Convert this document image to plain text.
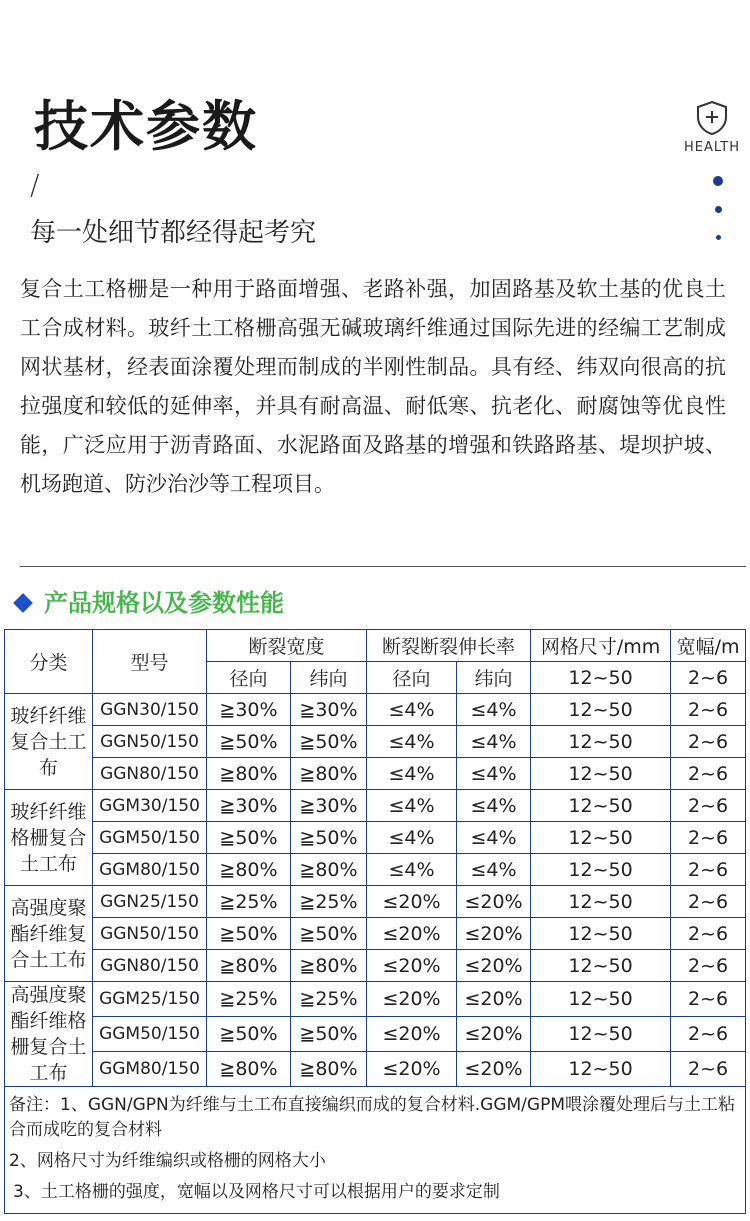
技术参数
/
每一处细节都经得起考究
HEALTH
复合土工格栅是一种用于路面增强、老路补强，加固路基及软土基的优良土工合成材料。玻纤土工格栅高强无碱玻璃纤维通过国际先进的经编工艺制成网状基材，经表面涂覆处理而制成的半刚性制品。具有经、纬双向很高的抗拉强度和较低的延伸率，并具有耐高温、耐低寒、抗老化、耐腐蚀等优良性能，广泛应用于沥青路面、水泥路面及路基的增强和铁路路基、堤坝护坡、机场跑道、防沙治沙等工程项目。
产品规格以及参数性能
分类	型号	断裂宽度		断裂断裂伸长率		网格尺寸/mm	宽幅/m
		径向	纬向	径向	纬向	12~50	2~6
玻纤纤维复合土工布	GGN30/150	≧30%	≧30%	≤4%	≤4%	12~50	2~6
	GGN50/150	≧50%	≧50%	≤4%	≤4%	12~50	2~6
	GGN80/150	≧80%	≧80%	≤4%	≤4%	12~50	2~6
玻纤纤维格栅复合土工布	GGM30/150	≧30%	≧30%	≤4%	≤4%	12~50	2~6
	GGM50/150	≧50%	≧50%	≤4%	≤4%	12~50	2~6
	GGM80/150	≧80%	≧80%	≤4%	≤4%	12~50	2~6
高强度聚酯纤维复合土工布	GGN25/150	≧25%	≧25%	≤20%	≤20%	12~50	2~6
	GGN50/150	≧50%	≧50%	≤20%	≤20%	12~50	2~6
	GGN80/150	≧80%	≧80%	≤20%	≤20%	12~50	2~6
高强度聚酯纤维格栅复合土工布	GGM25/150	≧25%	≧25%	≤20%	≤20%	12~50	2~6
	GGM50/150	≧50%	≧50%	≤20%	≤20%	12~50	2~6
	GGM80/150	≧80%	≧80%	≤20%	≤20%	12~50	2~6

备注：1、GGN/GPN为纤维与土工布直接编织而成的复合材料.GGM/GPM喂涂覆处理后与土工粘合而成吃的复合材料

2、网格尺寸为纤维编织或格栅的网格大小

3、土工格栅的强度，宽幅以及网格尺寸可以根据用户的要求定制							
